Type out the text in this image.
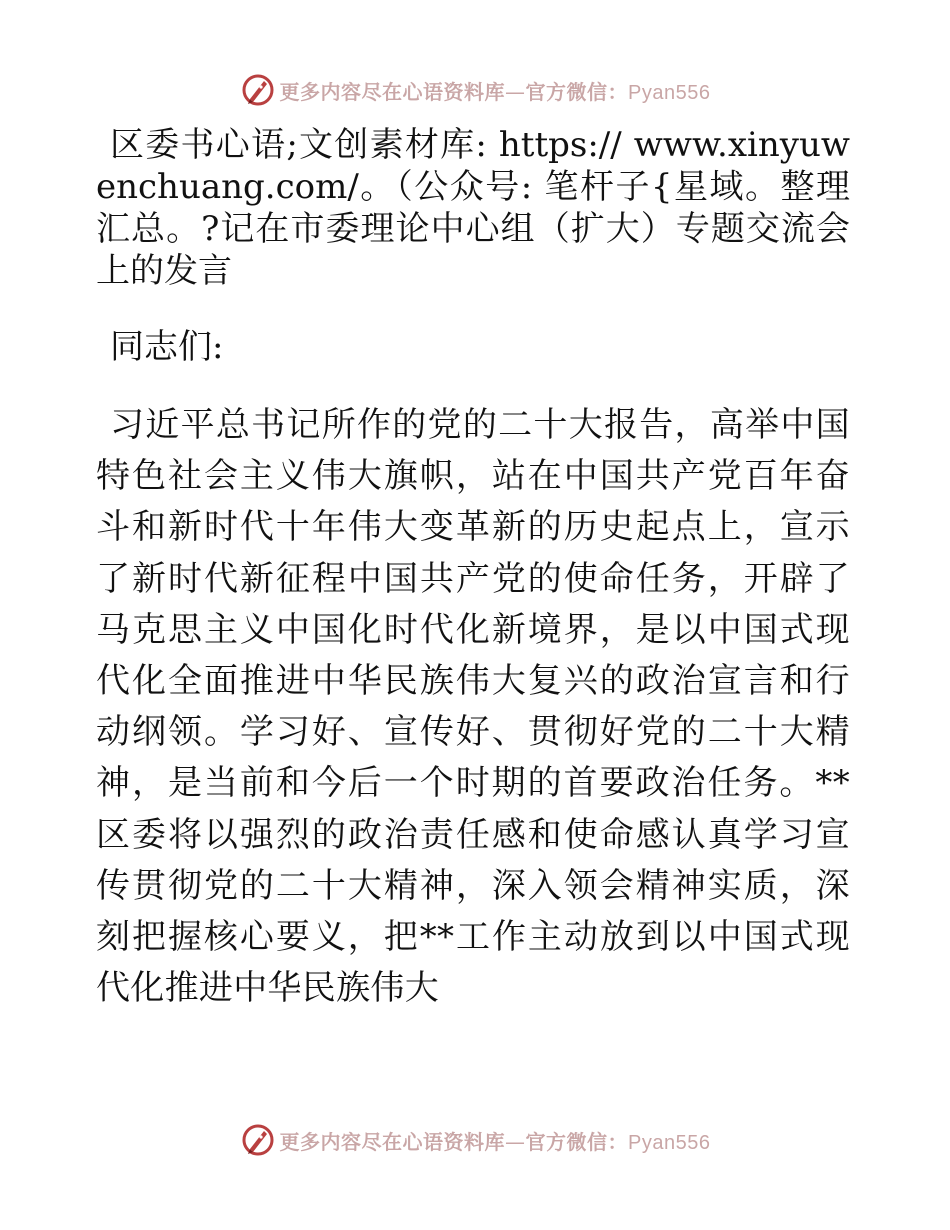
更多内容尽在心语资料库—官方微信：Pyan556

区委书心语;文创素材库: https:// www.xinyuwenchuang.com/。（公众号: 笔杆子{星域。整理汇总。?记在市委理论中心组（扩大）专题交流会上的发言

同志们:

习近平总书记所作的党的二十大报告，高举中国特色社会主义伟大旗帜，站在中国共产党百年奋斗和新时代十年伟大变革新的历史起点上，宣示了新时代新征程中国共产党的使命任务，开辟了马克思主义中国化时代化新境界，是以中国式现代化全面推进中华民族伟大复兴的政治宣言和行动纲领。学习好、宣传好、贯彻好党的二十大精神，是当前和今后一个时期的首要政治任务。**区委将以强烈的政治责任感和使命感认真学习宣传贯彻党的二十大精神，深入领会精神实质，深刻把握核心要义，把**工作主动放到以中国式现代化推进中华民族伟大

更多内容尽在心语资料库—官方微信：Pyan556
